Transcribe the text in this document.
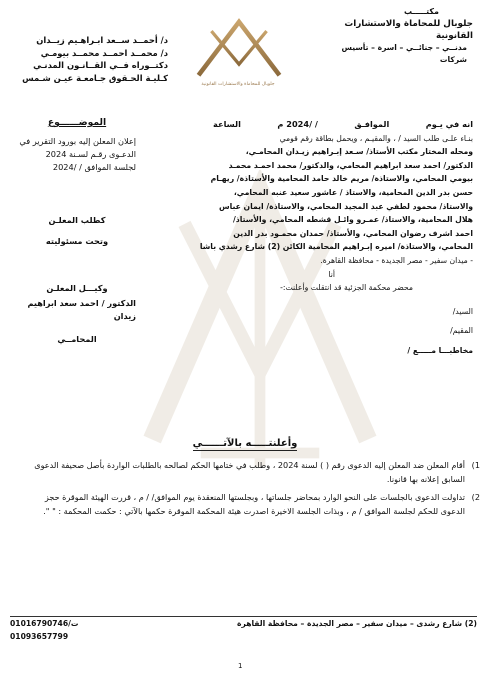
مكتـــــب
جلوبال للمحاماة والاستشارات القانونية
مدنــي – جنائــي – اسرة – تأسيس شركات
جلوبال للمحاماة والاستشارات القانونية
د/ أحمــد ســعد ابـراهـيم زيــدان
د/ محمــد احمــد محمــد بيومـي
دكتــوراه فــي القــانـون المدنـي
كـليـة الحـقوق جـامعـة عيـن شـمس
الموضــــــوع
إعلان المعلن إليه بورود التقرير في
الدعـوى رقـم لسـنة 2024
لجلسة الموافق / /2024
كطلب المعلـن
وتحت مسئوليته
وكيـــل المعلـن
الدكتور / احمد سعد ابراهيم زيدان
المحامــي
انه في يـوم
الموافـق
/ /2024 م
الساعة

بنـاء علـى طلب السيد / ، والمقيـم ، ويحمل بطاقة رقم قومي

ومحله المختار مكتب الأستاذ/ سـعد إبـراهيم زيـدان المحامـي،

الدكتور/ احمد سعد ابراهيم المحامي، والدكتور/ محمد احمـد محمـد

بيومي المحامي، والاستاذة/ مريم خالد حامد المحامية والأستاذة/ ريهـام

حسن بدر الدين المحامية، والاستاذ / عاشور سعيد عنبه المحامي،

والاستاذ/ محمود لطفي عبد المجيد المحامي، والاستاذة/ ايمان عباس

هلال المحامية، والاستاذ/ عمـرو وائـل قشطه المحامي، والأستاذ/

احمد اشرف رضوان المحامي، والأستاذ/ حمدان محمـود بدر الدين

المحامي، والاستاذة/ اميره إبـراهيم المحامية الكائن (2) شارع رشدي باشا

- ميدان سفير - مصر الجديدة - محافظة القاهرة.

أنا

محضر محكمة الجزئية قد انتقلت وأعلنت:-

السيد/

المقيم/

مخاطبـــا مـــــع /

وأعلنتـــــه بالآتــــــي
1)
أقام المعلن ضد المعلن إليه الدعوى رقم ( ) لسنة 2024 ، وطلب في ختامها الحكم لصالحه بالطلبات الواردة بأصل صحيفة الدعوى السابق إعلانه بها قانونا.
2)
تداولت الدعوى بالجلسات على النحو الوارد بمحاضر جلساتها ، وبجلستها المنعقدة يوم الموافق/ / م ، قررت الهيئة الموقرة حجز الدعوى للحكم لجلسة الموافق / م ، وبذات الجلسة الاخيرة اصدرت هيئة المحكمة الموقرة حكمها بالآتي : حكمت المحكمة : " ".
(2) شارع رشدى – ميدان سفير – مصر الجديدة – محافظة القاهرة
ت/01016790746
01093657799
1
